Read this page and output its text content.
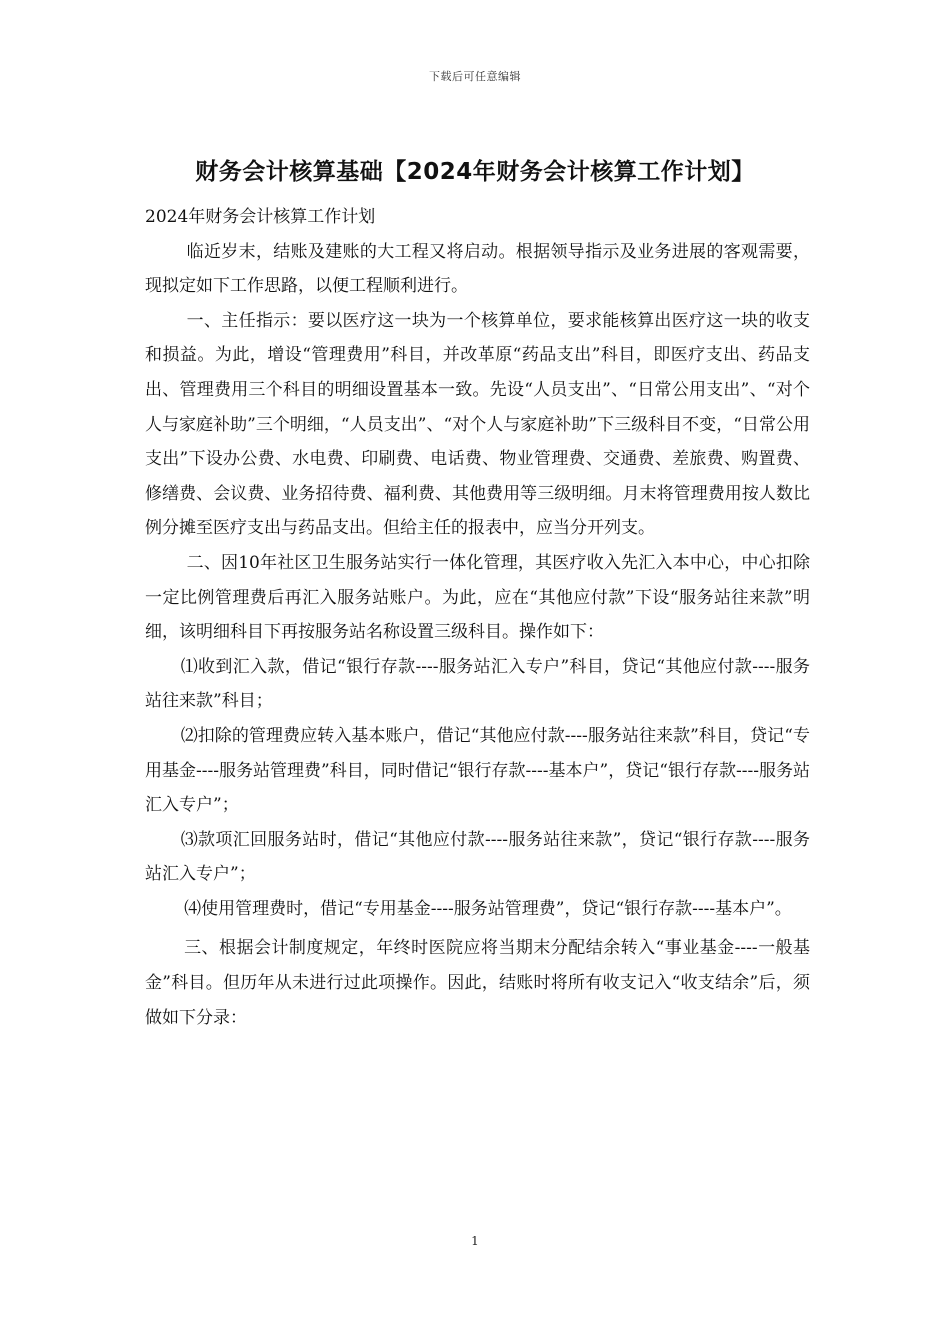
下载后可任意编辑
财务会计核算基础【2024年财务会计核算工作计划】

2024年财务会计核算工作计划

临近岁末，结账及建账的大工程又将启动。根据领导指示及业务进展的客观需要，现拟定如下工作思路，以便工程顺利进行。

一、主任指示：要以医疗这一块为一个核算单位，要求能核算出医疗这一块的收支和损益。为此，增设“管理费用”科目，并改革原“药品支出”科目，即医疗支出、药品支出、管理费用三个科目的明细设置基本一致。先设“人员支出”、“日常公用支出”、“对个人与家庭补助”三个明细，“人员支出”、“对个人与家庭补助”下三级科目不变，“日常公用支出”下设办公费、水电费、印刷费、电话费、物业管理费、交通费、差旅费、购置费、修缮费、会议费、业务招待费、福利费、其他费用等三级明细。月末将管理费用按人数比例分摊至医疗支出与药品支出。但给主任的报表中，应当分开列支。

二、因10年社区卫生服务站实行一体化管理，其医疗收入先汇入本中心，中心扣除一定比例管理费后再汇入服务站账户。为此，应在“其他应付款”下设“服务站往来款”明细，该明细科目下再按服务站名称设置三级科目。操作如下：

⑴收到汇入款，借记“银行存款----服务站汇入专户”科目，贷记“其他应付款----服务站往来款”科目；

⑵扣除的管理费应转入基本账户，借记“其他应付款----服务站往来款”科目，贷记“专用基金----服务站管理费”科目，同时借记“银行存款----基本户”，贷记“银行存款----服务站汇入专户”；

⑶款项汇回服务站时，借记“其他应付款----服务站往来款”，贷记“银行存款----服务站汇入专户”；

⑷使用管理费时，借记“专用基金----服务站管理费”，贷记“银行存款----基本户”。

三、根据会计制度规定，年终时医院应将当期末分配结余转入“事业基金----一般基金”科目。但历年从未进行过此项操作。因此，结账时将所有收支记入“收支结余”后，须做如下分录：

1
